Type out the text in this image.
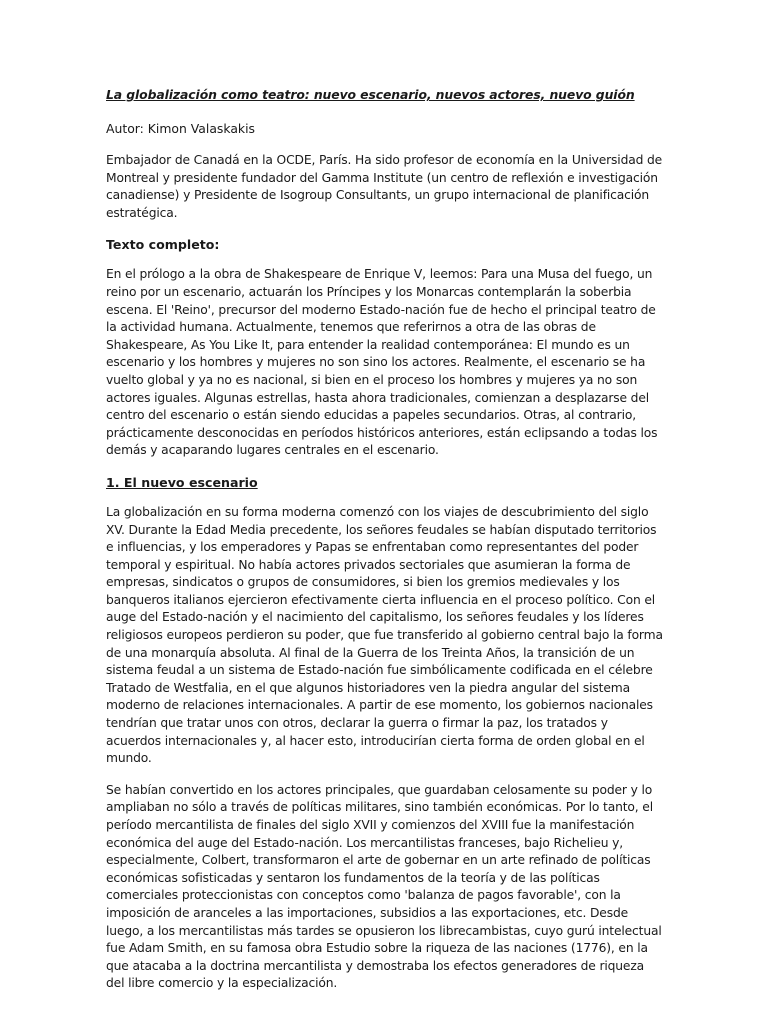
La globalización como teatro: nuevo escenario, nuevos actores, nuevo guión
Autor: Kimon Valaskakis

Embajador de Canadá en la OCDE, París. Ha sido profesor de economía en la Universidad de Montreal y presidente fundador del Gamma Institute (un centro de reflexión e investigación canadiense) y Presidente de Isogroup Consultants, un grupo internacional de planificación estratégica.

Texto completo:

En el prólogo a la obra de Shakespeare de Enrique V, leemos: Para una Musa del fuego, un reino por un escenario, actuarán los Príncipes y los Monarcas contemplarán la soberbia escena. El 'Reino', precursor del moderno Estado-nación fue de hecho el principal teatro de la actividad humana. Actualmente, tenemos que referirnos a otra de las obras de Shakespeare, As You Like It, para entender la realidad contemporánea: El mundo es un escenario y los hombres y mujeres no son sino los actores. Realmente, el escenario se ha vuelto global y ya no es nacional, si bien en el proceso los hombres y mujeres ya no son actores iguales. Algunas estrellas, hasta ahora tradicionales, comienzan a desplazarse del centro del escenario o están siendo educidas a papeles secundarios. Otras, al contrario, prácticamente desconocidas en períodos históricos anteriores, están eclipsando a todas los demás y acaparando lugares centrales en el escenario.

1. El nuevo escenario

La globalización en su forma moderna comenzó con los viajes de descubrimiento del siglo XV. Durante la Edad Media precedente, los señores feudales se habían disputado territorios e influencias, y los emperadores y Papas se enfrentaban como representantes del poder temporal y espiritual. No había actores privados sectoriales que asumieran la forma de empresas, sindicatos o grupos de consumidores, si bien los gremios medievales y los banqueros italianos ejercieron efectivamente cierta influencia en el proceso político. Con el auge del Estado-nación y el nacimiento del capitalismo, los señores feudales y los líderes religiosos europeos perdieron su poder, que fue transferido al gobierno central bajo la forma de una monarquía absoluta. Al final de la Guerra de los Treinta Años, la transición de un sistema feudal a un sistema de Estado-nación fue simbólicamente codificada en el célebre Tratado de Westfalia, en el que algunos historiadores ven la piedra angular del sistema moderno de relaciones internacionales. A partir de ese momento, los gobiernos nacionales tendrían que tratar unos con otros, declarar la guerra o firmar la paz, los tratados y acuerdos internacionales y, al hacer esto, introducirían cierta forma de orden global en el mundo.

Se habían convertido en los actores principales, que guardaban celosamente su poder y lo ampliaban no sólo a través de políticas militares, sino también económicas. Por lo tanto, el período mercantilista de finales del siglo XVII y comienzos del XVIII fue la manifestación económica del auge del Estado-nación. Los mercantilistas franceses, bajo Richelieu y, especialmente, Colbert, transformaron el arte de gobernar en un arte refinado de políticas económicas sofisticadas y sentaron los fundamentos de la teoría y de las políticas comerciales proteccionistas con conceptos como 'balanza de pagos favorable', con la imposición de aranceles a las importaciones, subsidios a las exportaciones, etc. Desde luego, a los mercantilistas más tardes se opusieron los librecambistas, cuyo gurú intelectual fue Adam Smith, en su famosa obra Estudio sobre la riqueza de las naciones (1776), en la que atacaba a la doctrina mercantilista y demostraba los efectos generadores de riqueza del libre comercio y la especialización.
